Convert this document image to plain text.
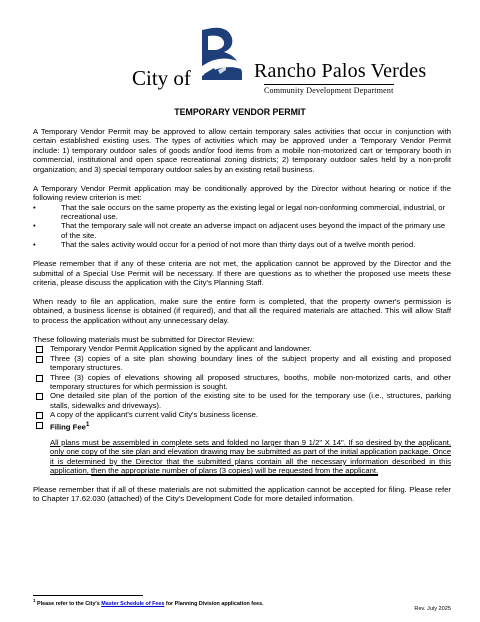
City of	Rancho Palos Verdes
Community Development Department
TEMPORARY VENDOR PERMIT

A Temporary Vendor Permit may be approved to allow certain temporary sales activities that occur in conjunction with certain established existing uses. The types of activities which may be approved under a Temporary Vendor Permit include: 1) temporary outdoor sales of goods and/or food items from a mobile non-motorized cart or temporary booth in commercial, institutional and open space recreational zoning districts; 2) temporary outdoor sales held by a non-profit organization; and 3) special temporary outdoor sales by an existing retail business.

A Temporary Vendor Permit application may be conditionally approved by the Director without hearing or notice if the following review criterion is met:

•	That the sale occurs on the same property as the existing legal or legal non-conforming commercial, industrial, or recreational use.
•	That the temporary sale will not create an adverse impact on adjacent uses beyond the impact of the primary use of the site.
•	That the sales activity would occur for a period of not more than thirty days out of a twelve month period.

Please remember that if any of these criteria are not met, the application cannot be approved by the Director and the submittal of a Special Use Permit will be necessary. If there are questions as to whether the proposed use meets these criteria, please discuss the application with the City's Planning Staff.

When ready to file an application, make sure the entire form is completed, that the property owner's permission is obtained, a business license is obtained (if required), and that all the required materials are attached. This will allow Staff to process the application without any unnecessary delay.

These following materials must be submitted for Director Review:

Temporary Vendor Permit Application signed by the applicant and landowner.
Three (3) copies of a site plan showing boundary lines of the subject property and all existing and proposed temporary structures.
Three (3) copies of elevations showing all proposed structures, booths, mobile non-motorized carts, and other temporary structures for which permission is sought.
One detailed site plan of the portion of the existing site to be used for the temporary use (i.e., structures, parking stalls, sidewalks and driveways).
A copy of the applicant's current valid City's business license.
Filing Fee$^1$
All plans must be assembled in complete sets and folded no larger than 9 1/2" X 14". If so desired by the applicant, only one copy of the site plan and elevation drawing may be submitted as part of the initial application package. Once it is determined by the Director that the submitted plans contain all the necessary information described in this application, then the appropriate number of plans (3 copies) will be requested from the applicant.

Please remember that if all of these materials are not submitted the application cannot be accepted for filing. Please refer to Chapter 17.62.030 (attached) of the City's Development Code for more detailed information.

$^1$ Please refer to the City's Master Schedule of Fees for Planning Division application fees.
Rev. July 2025
